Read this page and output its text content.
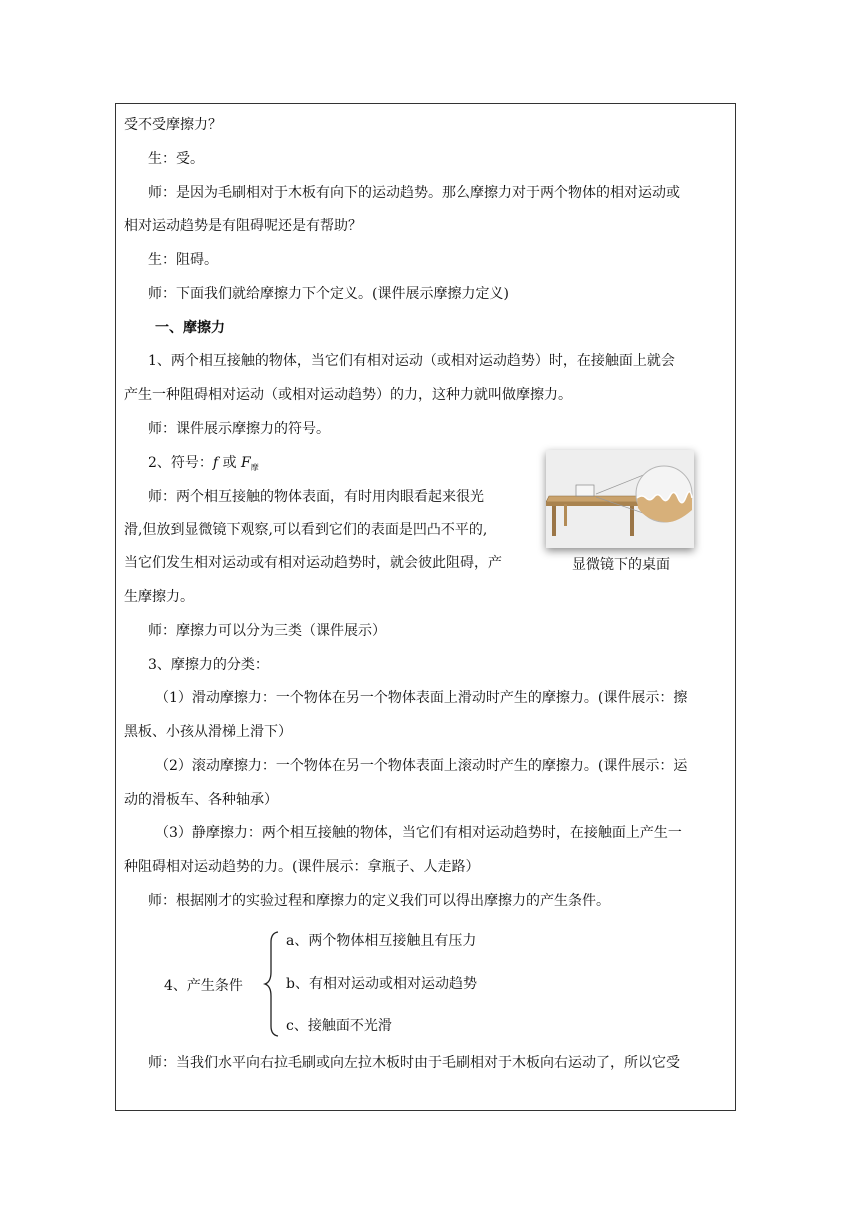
受不受摩擦力？
生：受。
师：是因为毛刷相对于木板有向下的运动趋势。那么摩擦力对于两个物体的相对运动或
相对运动趋势是有阻碍呢还是有帮助？
生：阻碍。
师：下面我们就给摩擦力下个定义。(课件展示摩擦力定义)
一、摩擦力
1、两个相互接触的物体，当它们有相对运动（或相对运动趋势）时，在接触面上就会
产生一种阻碍相对运动（或相对运动趋势）的力，这种力就叫做摩擦力。
师：课件展示摩擦力的符号。
2、符号：f 或 $F_摩$
师：两个相互接触的物体表面，有时用肉眼看起来很光
滑,但放到显微镜下观察,可以看到它们的表面是凹凸不平的,
当它们发生相对运动或有相对运动趋势时，就会彼此阻碍，产
生摩擦力。
显微镜下的桌面
师：摩擦力可以分为三类（课件展示）
3、摩擦力的分类：
（1）滑动摩擦力：一个物体在另一个物体表面上滑动时产生的摩擦力。(课件展示：擦
黑板、小孩从滑梯上滑下）
（2）滚动摩擦力：一个物体在另一个物体表面上滚动时产生的摩擦力。(课件展示：运
动的滑板车、各种轴承）
（3）静摩擦力：两个相互接触的物体，当它们有相对运动趋势时，在接触面上产生一
种阻碍相对运动趋势的力。(课件展示：拿瓶子、人走路）
师：根据刚才的实验过程和摩擦力的定义我们可以得出摩擦力的产生条件。
4、产生条件
a、两个物体相互接触且有压力
b、有相对运动或相对运动趋势
c、接触面不光滑
师：当我们水平向右拉毛刷或向左拉木板时由于毛刷相对于木板向右运动了，所以它受
